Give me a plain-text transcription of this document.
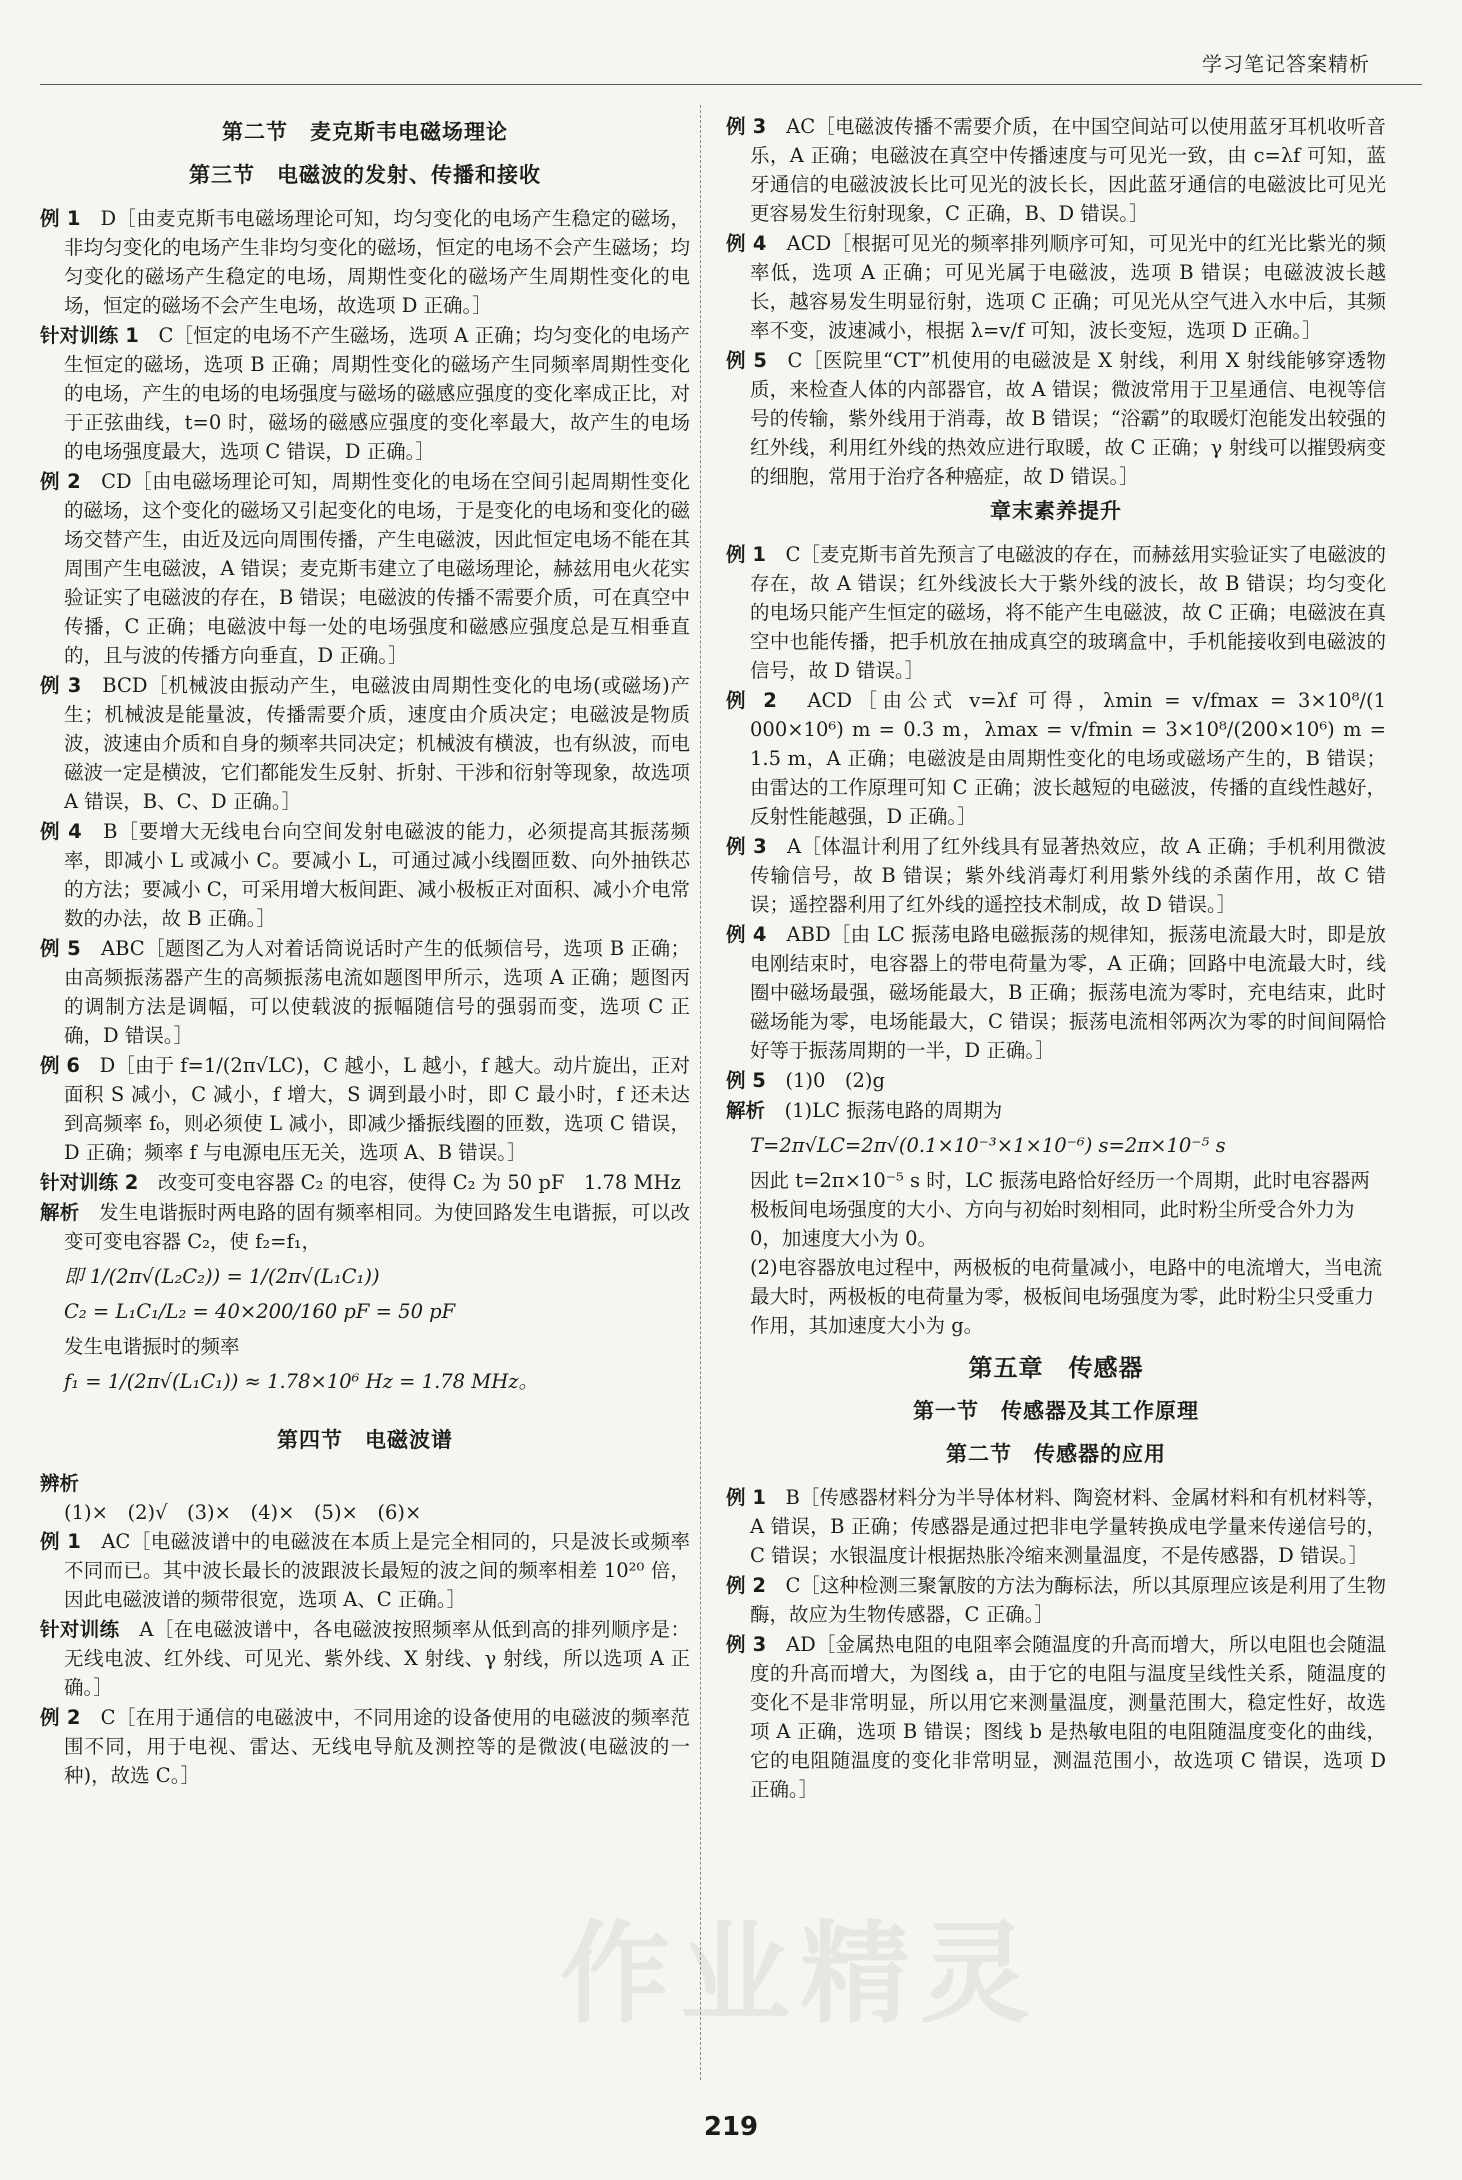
学习笔记答案精析
第二节　麦克斯韦电磁场理论
第三节　电磁波的发射、传播和接收
例 1　 D［由麦克斯韦电磁场理论可知，均匀变化的电场产生稳定的磁场，非均匀变化的电场产生非均匀变化的磁场，恒定的电场不会产生磁场；均匀变化的磁场产生稳定的电场，周期性变化的磁场产生周期性变化的电场，恒定的磁场不会产生电场，故选项 D 正确。］
针对训练 1　 C［恒定的电场不产生磁场，选项 A 正确；均匀变化的电场产生恒定的磁场，选项 B 正确；周期性变化的磁场产生同频率周期性变化的电场，产生的电场的电场强度与磁场的磁感应强度的变化率成正比，对于正弦曲线，t=0 时，磁场的磁感应强度的变化率最大，故产生的电场的电场强度最大，选项 C 错误，D 正确。］
例 2　 CD［由电磁场理论可知，周期性变化的电场在空间引起周期性变化的磁场，这个变化的磁场又引起变化的电场，于是变化的电场和变化的磁场交替产生，由近及远向周围传播，产生电磁波，因此恒定电场不能在其周围产生电磁波，A 错误；麦克斯韦建立了电磁场理论，赫兹用电火花实验证实了电磁波的存在，B 错误；电磁波的传播不需要介质，可在真空中传播，C 正确；电磁波中每一处的电场强度和磁感应强度总是互相垂直的，且与波的传播方向垂直，D 正确。］
例 3　 BCD［机械波由振动产生，电磁波由周期性变化的电场(或磁场)产生；机械波是能量波，传播需要介质，速度由介质决定；电磁波是物质波，波速由介质和自身的频率共同决定；机械波有横波，也有纵波，而电磁波一定是横波，它们都能发生反射、折射、干涉和衍射等现象，故选项 A 错误，B、C、D 正确。］
例 4　 B［要增大无线电台向空间发射电磁波的能力，必须提高其振荡频率，即减小 L 或减小 C。要减小 L，可通过减小线圈匝数、向外抽铁芯的方法；要减小 C，可采用增大板间距、减小极板正对面积、减小介电常数的办法，故 B 正确。］
例 5　 ABC［题图乙为人对着话筒说话时产生的低频信号，选项 B 正确；由高频振荡器产生的高频振荡电流如题图甲所示，选项 A 正确；题图丙的调制方法是调幅，可以使载波的振幅随信号的强弱而变，选项 C 正确，D 错误。］
例 6　 D［由于 f=1/(2π√LC)，C 越小，L 越小，f 越大。动片旋出，正对面积 S 减小，C 减小，f 增大，S 调到最小时，即 C 最小时，f 还未达到高频率 f₀，则必须使 L 减小，即减少播振线圈的匝数，选项 C 错误，D 正确；频率 f 与电源电压无关，选项 A、B 错误。］
针对训练 2　 改变可变电容器 C₂ 的电容，使得 C₂ 为 50 pF　1.78 MHz
解析　 发生电谐振时两电路的固有频率相同。为使回路发生电谐振，可以改变可变电容器 C₂，使 f₂=f₁，
即 1/(2π√(L₂C₂)) = 1/(2π√(L₁C₁))
C₂ = L₁C₁/L₂ = 40×200/160 pF = 50 pF
发生电谐振时的频率
f₁ = 1/(2π√(L₁C₁)) ≈ 1.78×10⁶ Hz = 1.78 MHz。
第四节　电磁波谱
辨析
(1)×　(2)√　(3)×　(4)×　(5)×　(6)×
例 1　 AC［电磁波谱中的电磁波在本质上是完全相同的，只是波长或频率不同而已。其中波长最长的波跟波长最短的波之间的频率相差 10²⁰ 倍，因此电磁波谱的频带很宽，选项 A、C 正确。］
针对训练　 A［在电磁波谱中，各电磁波按照频率从低到高的排列顺序是：无线电波、红外线、可见光、紫外线、X 射线、γ 射线，所以选项 A 正确。］
例 2　 C［在用于通信的电磁波中，不同用途的设备使用的电磁波的频率范围不同，用于电视、雷达、无线电导航及测控等的是微波(电磁波的一种)，故选 C。］
例 3　 AC［电磁波传播不需要介质，在中国空间站可以使用蓝牙耳机收听音乐，A 正确；电磁波在真空中传播速度与可见光一致，由 c=λf 可知，蓝牙通信的电磁波波长比可见光的波长长，因此蓝牙通信的电磁波比可见光更容易发生衍射现象，C 正确，B、D 错误。］
例 4　 ACD［根据可见光的频率排列顺序可知，可见光中的红光比紫光的频率低，选项 A 正确；可见光属于电磁波，选项 B 错误；电磁波波长越长，越容易发生明显衍射，选项 C 正确；可见光从空气进入水中后，其频率不变，波速减小，根据 λ=v/f 可知，波长变短，选项 D 正确。］
例 5　 C［医院里“CT”机使用的电磁波是 X 射线，利用 X 射线能够穿透物质，来检查人体的内部器官，故 A 错误；微波常用于卫星通信、电视等信号的传输，紫外线用于消毒，故 B 错误；“浴霸”的取暖灯泡能发出较强的红外线，利用红外线的热效应进行取暖，故 C 正确；γ 射线可以摧毁病变的细胞，常用于治疗各种癌症，故 D 错误。］
章末素养提升
例 1　 C［麦克斯韦首先预言了电磁波的存在，而赫兹用实验证实了电磁波的存在，故 A 错误；红外线波长大于紫外线的波长，故 B 错误；均匀变化的电场只能产生恒定的磁场，将不能产生电磁波，故 C 正确；电磁波在真空中也能传播，把手机放在抽成真空的玻璃盒中，手机能接收到电磁波的信号，故 D 错误。］
例 2　 ACD［由公式 v=λf 可得，λmin = v/fmax = 3×10⁸/(1 000×10⁶) m = 0.3 m，λmax = v/fmin = 3×10⁸/(200×10⁶) m = 1.5 m，A 正确；电磁波是由周期性变化的电场或磁场产生的，B 错误；由雷达的工作原理可知 C 正确；波长越短的电磁波，传播的直线性越好，反射性能越强，D 正确。］
例 3　 A［体温计利用了红外线具有显著热效应，故 A 正确；手机利用微波传输信号，故 B 错误；紫外线消毒灯利用紫外线的杀菌作用，故 C 错误；遥控器利用了红外线的遥控技术制成，故 D 错误。］
例 4　 ABD［由 LC 振荡电路电磁振荡的规律知，振荡电流最大时，即是放电刚结束时，电容器上的带电荷量为零，A 正确；回路中电流最大时，线圈中磁场最强，磁场能最大，B 正确；振荡电流为零时，充电结束，此时磁场能为零，电场能最大，C 错误；振荡电流相邻两次为零的时间间隔恰好等于振荡周期的一半，D 正确。］
例 5　 (1)0　(2)g
解析　 (1)LC 振荡电路的周期为
T=2π√LC=2π√(0.1×10⁻³×1×10⁻⁶) s=2π×10⁻⁵ s
因此 t=2π×10⁻⁵ s 时，LC 振荡电路恰好经历一个周期，此时电容器两极板间电场强度的大小、方向与初始时刻相同，此时粉尘所受合外力为 0，加速度大小为 0。
(2)电容器放电过程中，两极板的电荷量减小，电路中的电流增大，当电流最大时，两极板的电荷量为零，极板间电场强度为零，此时粉尘只受重力作用，其加速度大小为 g。
第五章　传感器
第一节　传感器及其工作原理
第二节　传感器的应用
例 1　 B［传感器材料分为半导体材料、陶瓷材料、金属材料和有机材料等，A 错误，B 正确；传感器是通过把非电学量转换成电学量来传递信号的，C 错误；水银温度计根据热胀冷缩来测量温度，不是传感器，D 错误。］
例 2　 C［这种检测三聚氰胺的方法为酶标法，所以其原理应该是利用了生物酶，故应为生物传感器，C 正确。］
例 3　 AD［金属热电阻的电阻率会随温度的升高而增大，所以电阻也会随温度的升高而增大，为图线 a，由于它的电阻与温度呈线性关系，随温度的变化不是非常明显，所以用它来测量温度，测量范围大，稳定性好，故选项 A 正确，选项 B 错误；图线 b 是热敏电阻的电阻随温度变化的曲线，它的电阻随温度的变化非常明显，测温范围小，故选项 C 错误，选项 D 正确。］
作业精灵
219
